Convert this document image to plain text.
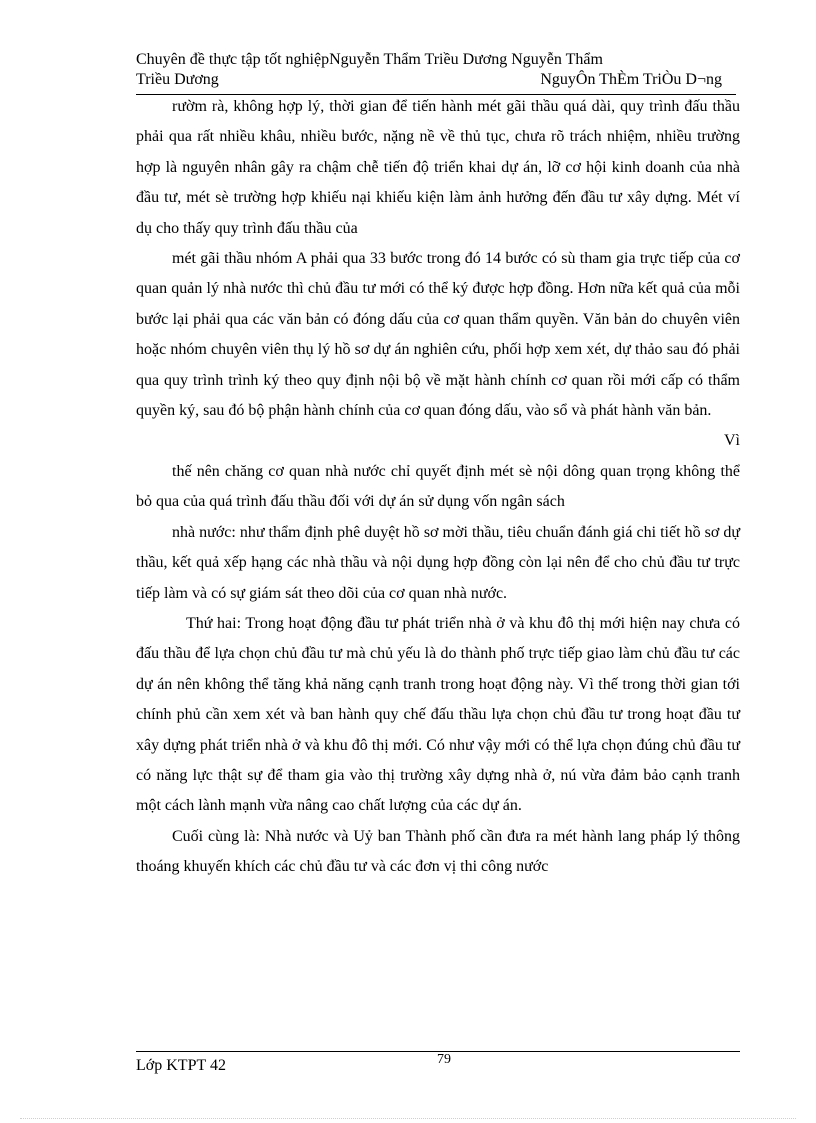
Chuyên đề thực tập tốt nghiệpNguyễn Thẩm Triều Dương Nguyễn Thẩm
Triều Dương	NguyÔn ThÈm TriÒu D¬ng

rườm rà, không hợp lý, thời gian để tiến hành mét gãi thầu quá dài, quy trình đấu thầu phải qua rất nhiều khâu, nhiều bước, nặng nề về thủ tục, chưa rõ trách nhiệm, nhiều trường hợp là nguyên nhân gây ra chậm chễ tiến độ triển khai dự án, lỡ cơ hội kinh doanh của nhà đầu tư, mét sè trường hợp khiếu nại khiếu kiện làm ảnh hưởng đến đầu tư xây dựng. Mét ví dụ cho thấy quy trình đấu thầu của

mét gãi thầu nhóm A phải qua 33 bước trong đó 14 bước có sù tham gia trực tiếp của cơ quan quản lý nhà nước thì chủ đầu tư mới có thể ký được hợp đồng. Hơn nữa kết quả của mỗi bước lại phải qua các văn bản có đóng dấu của cơ quan thẩm quyền. Văn bản do chuyên viên hoặc nhóm chuyên viên thụ lý hồ sơ dự án nghiên cứu, phối hợp xem xét, dự thảo sau đó phải qua quy trình trình ký theo quy định nội bộ về mặt hành chính cơ quan rồi mới cấp có thẩm quyền ký, sau đó bộ phận hành chính của cơ quan đóng dấu, vào sổ và phát hành văn bản.

Vì

thế nên chăng cơ quan nhà nước chỉ quyết định mét sè nội dông quan trọng không thể bỏ qua của quá trình đấu thầu đối với dự án sử dụng vốn ngân sách

nhà nước: như thẩm định phê duyệt hồ sơ mời thầu, tiêu chuẩn đánh giá chi tiết hồ sơ dự thầu, kết quả xếp hạng các nhà thầu và nội dụng hợp đồng còn lại nên để cho chủ đầu tư trực tiếp làm và có sự giám sát theo dõi của cơ quan nhà nước.

Thứ hai: Trong hoạt động đầu tư phát triển nhà ở và khu đô thị mới hiện nay chưa có đấu thầu để lựa chọn chủ đầu tư mà chủ yếu là do thành phố trực tiếp giao làm chủ đầu tư các dự án nên không thể tăng khả năng cạnh tranh trong hoạt động này. Vì thế trong thời gian tới chính phủ cần xem xét và ban hành quy chế đấu thầu lựa chọn chủ đầu tư trong hoạt đầu tư xây dựng phát triển nhà ở và khu đô thị mới. Có như vậy mới có thể lựa chọn đúng chủ đầu tư có năng lực thật sự để tham gia vào thị trường xây dựng nhà ở, nú vừa đảm bảo cạnh tranh một cách lành mạnh vừa nâng cao chất lượng của các dự án.

Cuối cùng là: Nhà nước và Uỷ ban Thành phố cần đưa ra mét hành lang pháp lý thông thoáng khuyến khích các chủ đầu tư và các đơn vị thi công nước

Lớp KTPT 42	79
